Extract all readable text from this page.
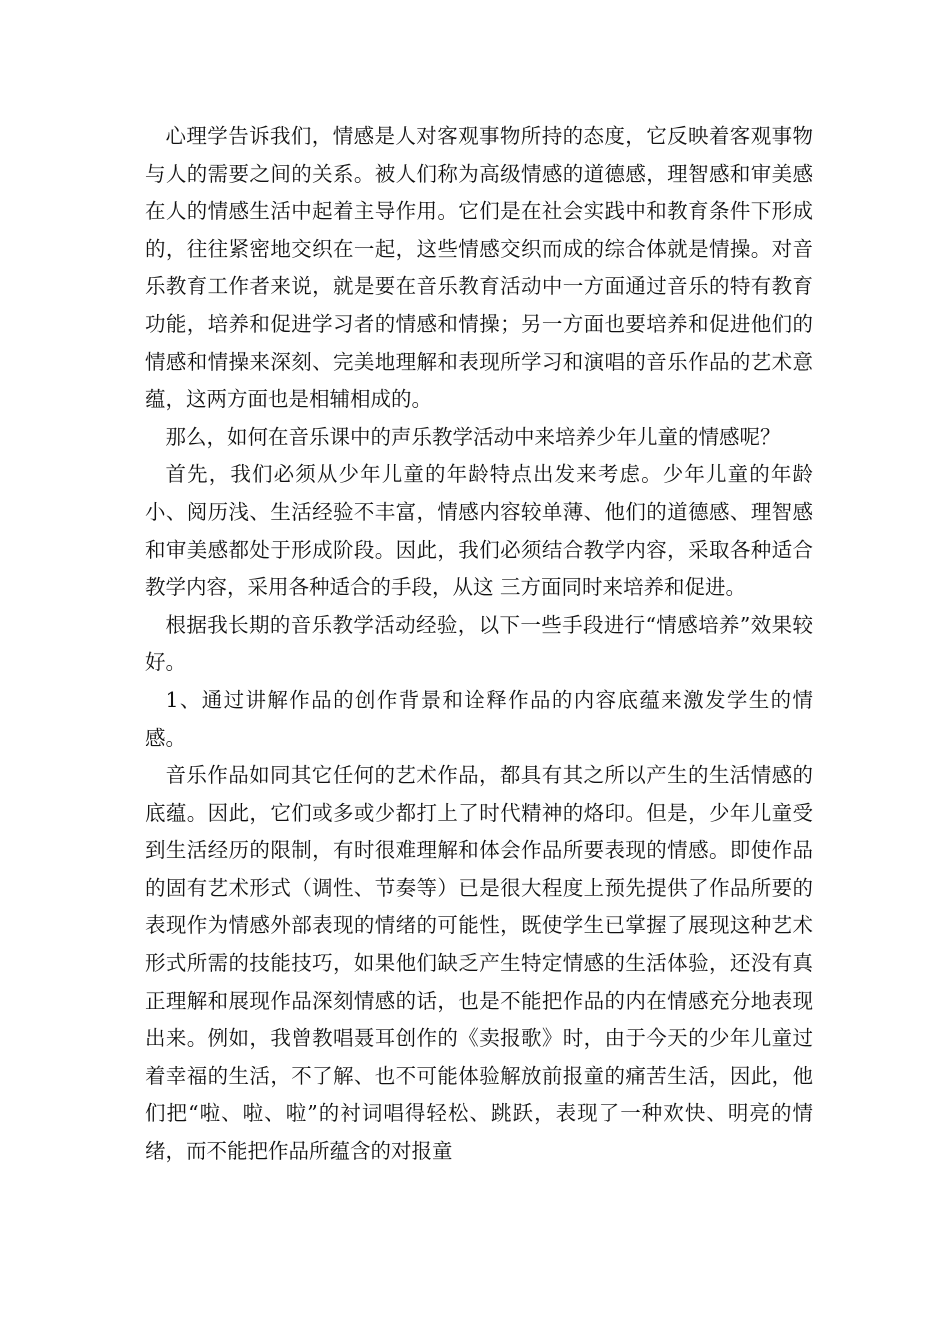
心理学告诉我们，情感是人对客观事物所持的态度，它反映着客观事物与人的需要之间的关系。被人们称为高级情感的道德感，理智感和审美感在人的情感生活中起着主导作用。它们是在社会实践中和教育条件下形成的，往往紧密地交织在一起，这些情感交织而成的综合体就是情操。对音乐教育工作者来说，就是要在音乐教育活动中一方面通过音乐的特有教育功能，培养和促进学习者的情感和情操；另一方面也要培养和促进他们的情感和情操来深刻、完美地理解和表现所学习和演唱的音乐作品的艺术意蕴，这两方面也是相辅相成的。

那么，如何在音乐课中的声乐教学活动中来培养少年儿童的情感呢？

首先，我们必须从少年儿童的年龄特点出发来考虑。少年儿童的年龄小、阅历浅、生活经验不丰富，情感内容较单薄、他们的道德感、理智感和审美感都处于形成阶段。因此，我们必须结合教学内容，采取各种适合教学内容，采用各种适合的手段，从这 三方面同时来培养和促进。

根据我长期的音乐教学活动经验，以下一些手段进行“情感培养”效果较好。

1、通过讲解作品的创作背景和诠释作品的内容底蕴来激发学生的情感。

音乐作品如同其它任何的艺术作品，都具有其之所以产生的生活情感的底蕴。因此，它们或多或少都打上了时代精神的烙印。但是，少年儿童受到生活经历的限制，有时很难理解和体会作品所要表现的情感。即使作品的固有艺术形式（调性、节奏等）已是很大程度上预先提供了作品所要的表现作为情感外部表现的情绪的可能性，既使学生已掌握了展现这种艺术形式所需的技能技巧，如果他们缺乏产生特定情感的生活体验，还没有真正理解和展现作品深刻情感的话，也是不能把作品的内在情感充分地表现出来。例如，我曾教唱聂耳创作的《卖报歌》时，由于今天的少年儿童过着幸福的生活，不了解、也不可能体验解放前报童的痛苦生活，因此，他们把“啦、啦、啦”的衬词唱得轻松、跳跃，表现了一种欢快、明亮的情绪，而不能把作品所蕴含的对报童
